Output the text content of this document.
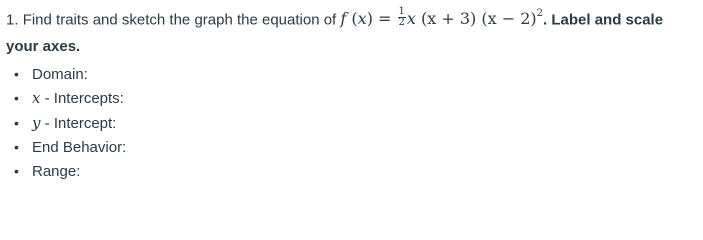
1. Find traits and sketch the graph the equation of f $(x) = \frac{1}{2}$ x (x + 3) $(x - 2)^2$. Label and scale
your axes.
• Domain:
• x - Intercepts:
• y - Intercept:
• End Behavior:
• Range:
